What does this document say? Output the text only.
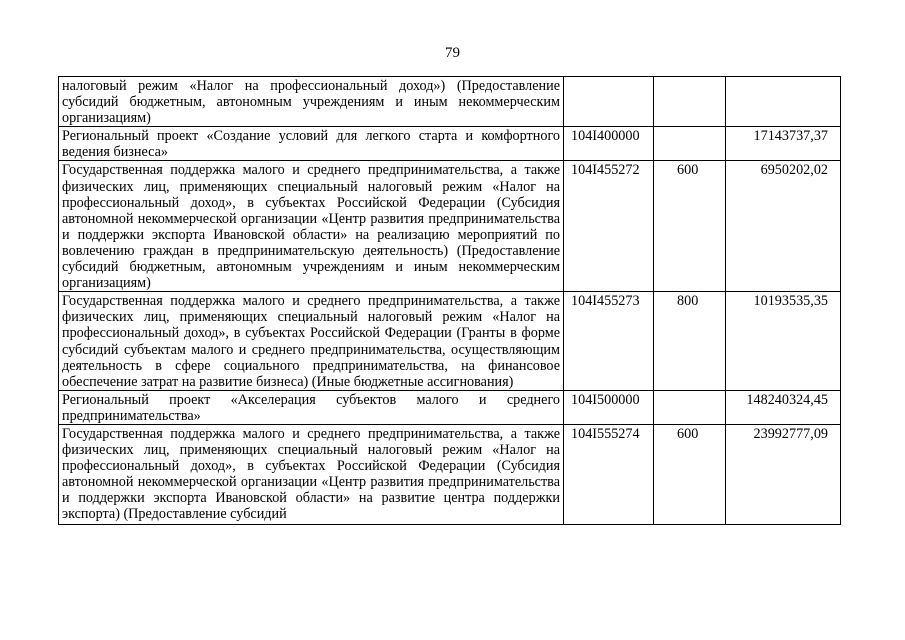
79
налоговый режим «Налог на профессиональный доход») (Предоставление субсидий бюджетным, автономным учреждениям и иным некоммерческим организациям)			
Региональный проект «Создание условий для легкого старта и комфортного ведения бизнеса»	104I400000		17143737,37
Государственная поддержка малого и среднего предпринимательства, а также физических лиц, применяющих специальный налоговый режим «Налог на профессиональный доход», в субъектах Российской Федерации (Субсидия автономной некоммерческой организации «Центр развития предпринимательства и поддержки экспорта Ивановской области» на реализацию мероприятий по вовлечению граждан в предпринимательскую деятельность) (Предоставление субсидий бюджетным, автономным учреждениям и иным некоммерческим организациям)	104I455272	600	6950202,02
Государственная поддержка малого и среднего предпринимательства, а также физических лиц, применяющих специальный налоговый режим «Налог на профессиональный доход», в субъектах Российской Федерации (Гранты в форме субсидий субъектам малого и среднего предпринимательства, осуществляющим деятельность в сфере социального предпринимательства, на финансовое обеспечение затрат на развитие бизнеса) (Иные бюджетные ассигнования)	104I455273	800	10193535,35
Региональный проект «Акселерация субъектов малого и среднего предпринимательства»	104I500000		148240324,45
Государственная поддержка малого и среднего предпринимательства, а также физических лиц, применяющих специальный налоговый режим «Налог на профессиональный доход», в субъектах Российской Федерации (Субсидия автономной некоммерческой организации «Центр развития предпринимательства и поддержки экспорта Ивановской области» на развитие центра поддержки экспорта) (Предоставление субсидий	104I555274	600	23992777,09
